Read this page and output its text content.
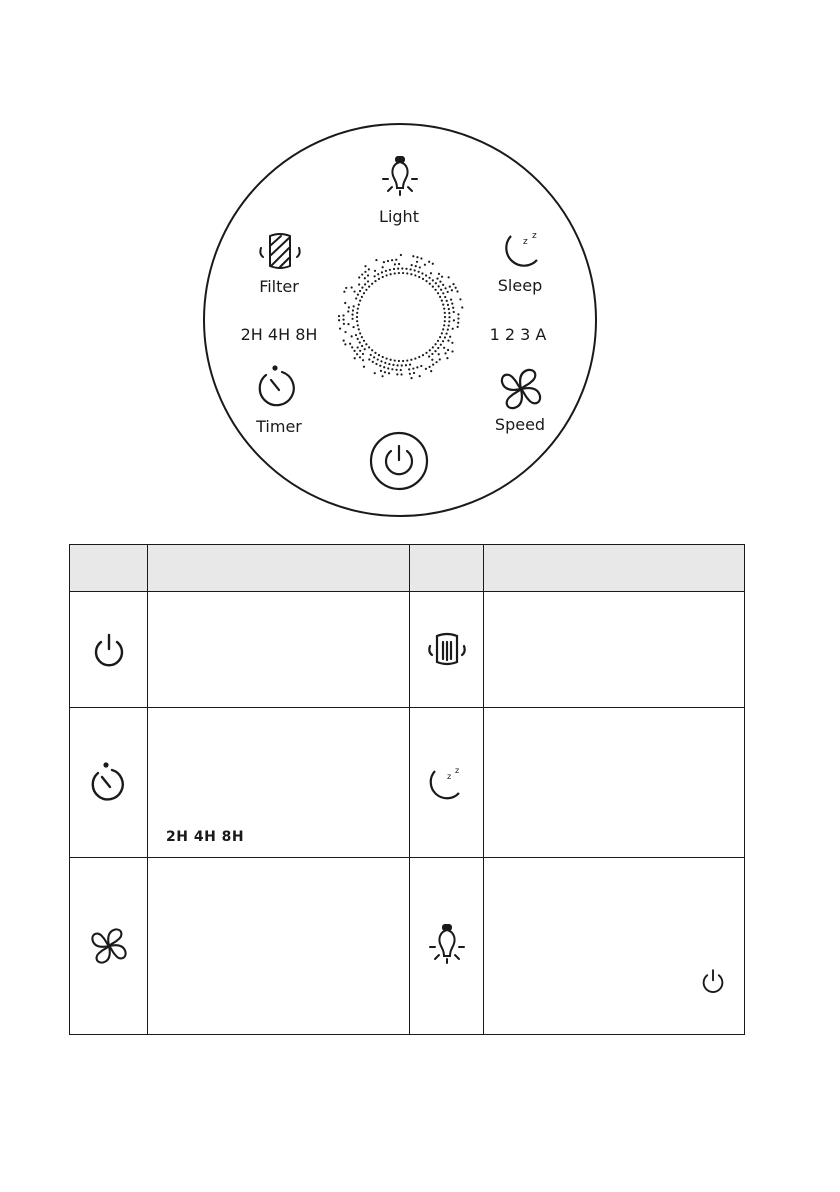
Light
z
z
Sleep
Filter
2H 4H 8H	1 2 3 A
Timer	Speed

2H 4H 8H	z
z	
